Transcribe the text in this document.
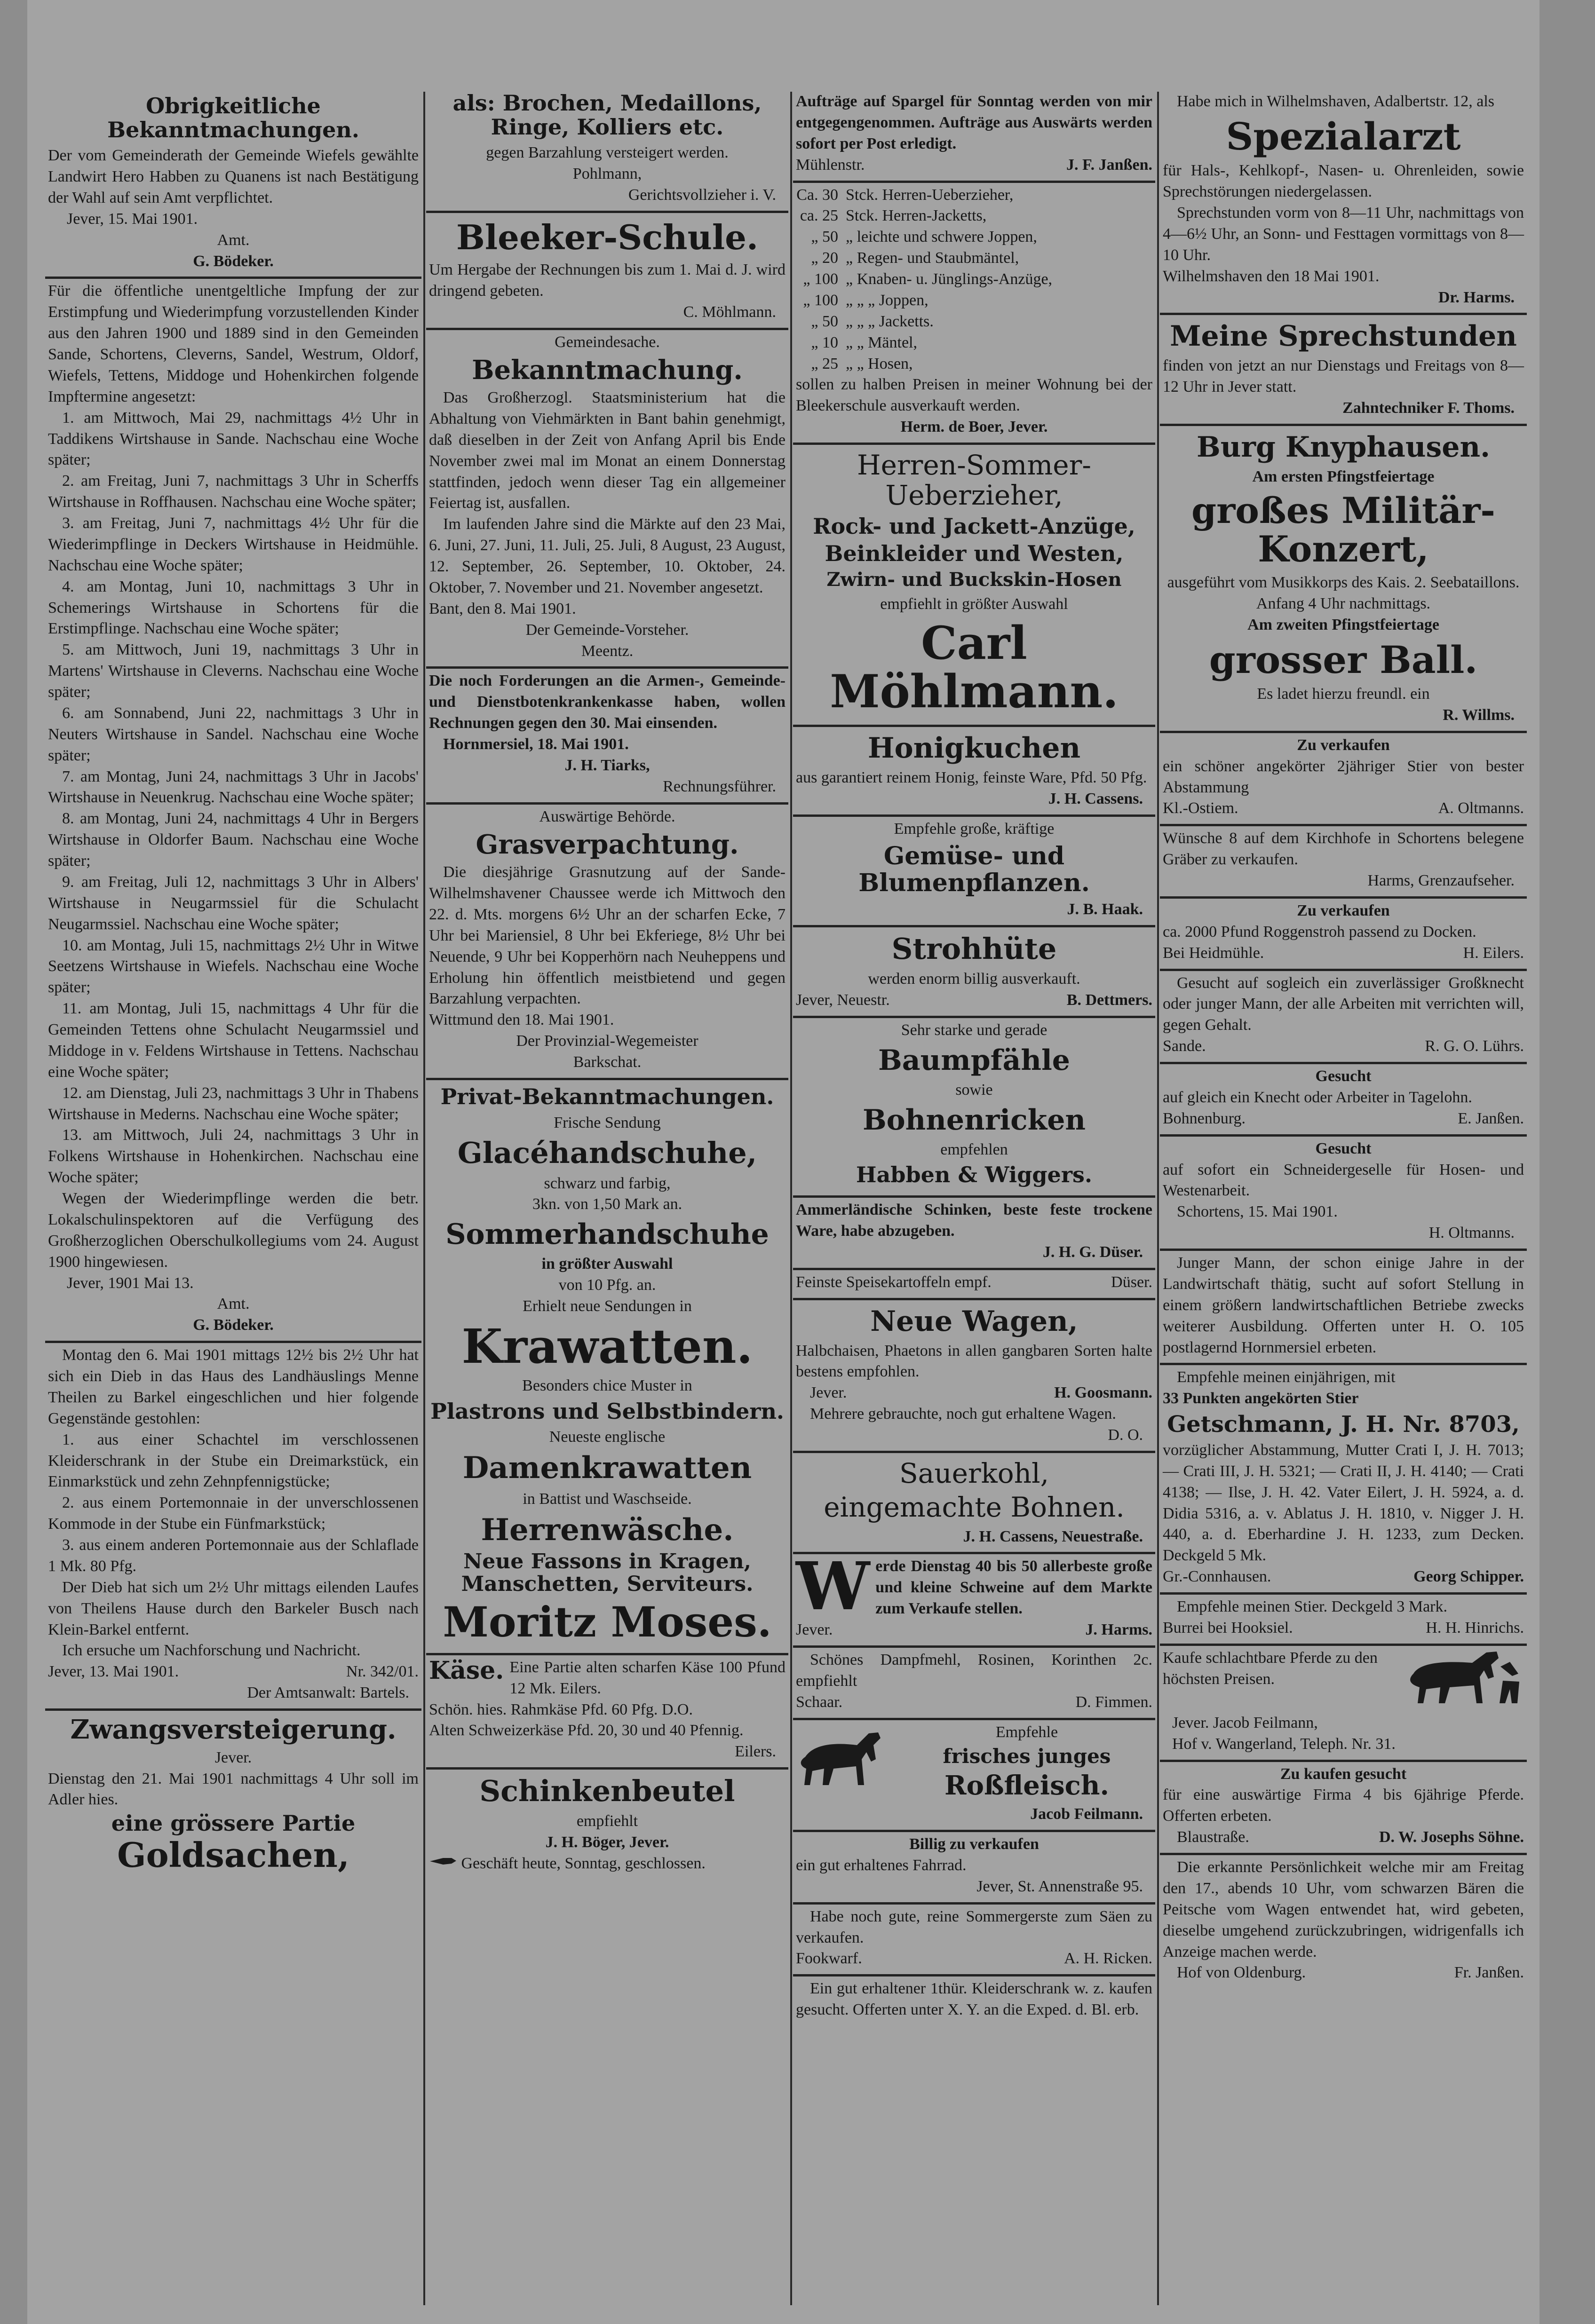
Obrigkeitliche Bekanntmachungen.

Der vom Gemeinderath der Gemeinde Wiefels gewählte Landwirt Hero Habben zu Quanens ist nach Bestätigung der Wahl auf sein Amt verpflichtet.

Jever, 15. Mai 1901.

Amt.

G. Bödeker.

Für die öffentliche unentgeltliche Impfung der zur Erstimpfung und Wiederimpfung vorzustellenden Kinder aus den Jahren 1900 und 1889 sind in den Gemeinden Sande, Schortens, Cleverns, Sandel, Westrum, Oldorf, Wiefels, Tettens, Middoge und Hohenkirchen folgende Impftermine angesetzt:

1. am Mittwoch, Mai 29, nachmittags 4½ Uhr in Taddikens Wirtshause in Sande. Nachschau eine Woche später;

2. am Freitag, Juni 7, nachmittags 3 Uhr in Scherffs Wirtshause in Roffhausen. Nachschau eine Woche später;

3. am Freitag, Juni 7, nachmittags 4½ Uhr für die Wiederimpflinge in Deckers Wirtshause in Heidmühle. Nachschau eine Woche später;

4. am Montag, Juni 10, nachmittags 3 Uhr in Schemerings Wirtshause in Schortens für die Erstimpflinge. Nachschau eine Woche später;

5. am Mittwoch, Juni 19, nachmittags 3 Uhr in Martens' Wirtshause in Cleverns. Nachschau eine Woche später;

6. am Sonnabend, Juni 22, nachmittags 3 Uhr in Neuters Wirtshause in Sandel. Nachschau eine Woche später;

7. am Montag, Juni 24, nachmittags 3 Uhr in Jacobs' Wirtshause in Neuenkrug. Nachschau eine Woche später;

8. am Montag, Juni 24, nachmittags 4 Uhr in Bergers Wirtshause in Oldorfer Baum. Nachschau eine Woche später;

9. am Freitag, Juli 12, nachmittags 3 Uhr in Albers' Wirtshause in Neugarmssiel für die Schulacht Neugarmssiel. Nachschau eine Woche später;

10. am Montag, Juli 15, nachmittags 2½ Uhr in Witwe Seetzens Wirtshause in Wiefels. Nachschau eine Woche später;

11. am Montag, Juli 15, nachmittags 4 Uhr für die Gemeinden Tettens ohne Schulacht Neugarmssiel und Middoge in v. Feldens Wirtshause in Tettens. Nachschau eine Woche später;

12. am Dienstag, Juli 23, nachmittags 3 Uhr in Thabens Wirtshause in Mederns. Nachschau eine Woche später;

13. am Mittwoch, Juli 24, nachmittags 3 Uhr in Folkens Wirtshause in Hohenkirchen. Nachschau eine Woche später;

Wegen der Wiederimpflinge werden die betr. Lokalschulinspektoren auf die Verfügung des Großherzoglichen Oberschulkollegiums vom 24. August 1900 hingewiesen.

Jever, 1901 Mai 13.

Amt.

G. Bödeker.

Montag den 6. Mai 1901 mittags 12½ bis 2½ Uhr hat sich ein Dieb in das Haus des Landhäuslings Menne Theilen zu Barkel eingeschlichen und hier folgende Gegenstände gestohlen:

1. aus einer Schachtel im verschlossenen Kleiderschrank in der Stube ein Dreimarkstück, ein Einmarkstück und zehn Zehnpfennigstücke;

2. aus einem Portemonnaie in der unverschlossenen Kommode in der Stube ein Fünfmarkstück;

3. aus einem anderen Portemonnaie aus der Schlaflade 1 Mk. 80 Pfg.

Der Dieb hat sich um 2½ Uhr mittags eilenden Laufes von Theilens Hause durch den Barkeler Busch nach Klein-Barkel entfernt.

Ich ersuche um Nachforschung und Nachricht.

Jever, 13. Mai 1901.	Nr. 342/01.

Der Amtsanwalt: Bartels.

Zwangsversteigerung.

Jever.

Dienstag den 21. Mai 1901 nachmittags 4 Uhr soll im Adler hies.

eine grössere Partie
Goldsachen,
als: Brochen, Medaillons, Ringe, Kolliers etc.

gegen Barzahlung versteigert werden.

Pohlmann,

Gerichtsvollzieher i. V.

Bleeker-Schule.

Um Hergabe der Rechnungen bis zum 1. Mai d. J. wird dringend gebeten.

C. Möhlmann.

Gemeindesache.

Bekanntmachung.

Das Großherzogl. Staatsministerium hat die Abhaltung von Viehmärkten in Bant bahin genehmigt, daß dieselben in der Zeit von Anfang April bis Ende November zwei mal im Monat an einem Donnerstag stattfinden, jedoch wenn dieser Tag ein allgemeiner Feiertag ist, ausfallen.

Im laufenden Jahre sind die Märkte auf den 23 Mai, 6. Juni, 27. Juni, 11. Juli, 25. Juli, 8 August, 23 August, 12. September, 26. September, 10. Oktober, 24. Oktober, 7. November und 21. November angesetzt.

Bant, den 8. Mai 1901.

Der Gemeinde-Vorsteher.

Meentz.

Die noch Forderungen an die Armen-, Gemeinde- und Dienstbotenkrankenkasse haben, wollen Rechnungen gegen den 30. Mai einsenden.

Hornmersiel, 18. Mai 1901.

J. H. Tiarks,

Rechnungsführer.

Auswärtige Behörde.

Grasverpachtung.

Die diesjährige Grasnutzung auf der Sande-Wilhelmshavener Chaussee werde ich Mittwoch den 22. d. Mts. morgens 6½ Uhr an der scharfen Ecke, 7 Uhr bei Mariensiel, 8 Uhr bei Ekferiege, 8½ Uhr bei Neuende, 9 Uhr bei Kopperhörn nach Neuheppens und Erholung hin öffentlich meistbietend und gegen Barzahlung verpachten.

Wittmund den 18. Mai 1901.

Der Provinzial-Wegemeister

Barkschat.

Privat-Bekanntmachungen.

Frische Sendung

Glacéhandschuhe,

schwarz und farbig,

3kn. von 1,50 Mark an.

Sommerhandschuhe

in größter Auswahl

von 10 Pfg. an.

Erhielt neue Sendungen in

Krawatten.

Besonders chice Muster in

Plastrons und Selbstbindern.

Neueste englische

Damenkrawatten

in Battist und Waschseide.

Herrenwäsche.
Neue Fassons in Kragen, Manschetten, Serviteurs.
Moritz Moses.
Käse. Eine Partie alten scharfen Käse 100 Pfund 12 Mk. Eilers.

Schön. hies. Rahmkäse Pfd. 60 Pfg. D.O.

Alten Schweizerkäse Pfd. 20, 30 und 40 Pfennig.

Eilers.

Schinkenbeutel

empfiehlt

J. H. Böger, Jever.

Geschäft heute, Sonntag, geschlossen.

Aufträge auf Spargel für Sonntag werden von mir entgegengenommen. Aufträge aus Auswärts werden sofort per Post erledigt.

Mühlenstr.	J. F. Janßen.
Ca. 30 Stck. Herren-Ueberzieher,
ca. 25 Stck. Herren-Jacketts,
„ 50 „ leichte und schwere Joppen,
„ 20 „ Regen- und Staubmäntel,
„ 100 „ Knaben- u. Jünglings-Anzüge,
„ 100 „ „ „ Joppen,
„ 50 „ „ „ Jacketts.
„ 10 „ „ Mäntel,
„ 25 „ „ Hosen,

sollen zu halben Preisen in meiner Wohnung bei der Bleekerschule ausverkauft werden.

Herm. de Boer, Jever.

Herren-Sommer-Ueberzieher,
Rock- und Jackett-Anzüge,
Beinkleider und Westen,
Zwirn- und Buckskin-Hosen

empfiehlt in größter Auswahl

Carl Möhlmann.
Honigkuchen

aus garantiert reinem Honig, feinste Ware, Pfd. 50 Pfg.

J. H. Cassens.

Empfehle große, kräftige

Gemüse- und Blumenpflanzen.

J. B. Haak.

Strohhüte

werden enorm billig ausverkauft.

Jever, Neuestr.	B. Dettmers.

Sehr starke und gerade

Baumpfähle

sowie

Bohnenricken

empfehlen

Habben & Wiggers.

Ammerländische Schinken, beste feste trockene Ware, habe abzugeben.

J. H. G. Düser.

Feinste Speisekartoffeln empf.	Düser.
Neue Wagen,

Halbchaisen, Phaetons in allen gangbaren Sorten halte bestens empfohlen.

Jever.	H. Goosmann.

Mehrere gebrauchte, noch gut erhaltene Wagen.

D. O.

Sauerkohl,
eingemachte Bohnen.

J. H. Cassens, Neuestraße.

W erde Dienstag 40 bis 50 allerbeste große und kleine Schweine auf dem Markte zum Verkaufe stellen.

Jever.	J. Harms.

Schönes Dampfmehl, Rosinen, Korinthen 2c. empfiehlt

Schaar.	D. Fimmen.

Empfehle

frisches junges
Roßfleisch.

Jacob Feilmann.

Billig zu verkaufen

ein gut erhaltenes Fahrrad.

Jever, St. Annenstraße 95.

Habe noch gute, reine Sommergerste zum Säen zu verkaufen.

Fookwarf.	A. H. Ricken.

Ein gut erhaltener 1thür. Kleiderschrank w. z. kaufen gesucht. Offerten unter X. Y. an die Exped. d. Bl. erb.

Habe mich in Wilhelmshaven, Adalbertstr. 12, als

Spezialarzt

für Hals-, Kehlkopf-, Nasen- u. Ohrenleiden, sowie Sprechstörungen niedergelassen.

Sprechstunden vorm von 8—11 Uhr, nachmittags von 4—6½ Uhr, an Sonn- und Festtagen vormittags von 8—10 Uhr.

Wilhelmshaven den 18 Mai 1901.

Dr. Harms.

Meine Sprechstunden

finden von jetzt an nur Dienstags und Freitags von 8—12 Uhr in Jever statt.

Zahntechniker F. Thoms.

Burg Knyphausen.

Am ersten Pfingstfeiertage

großes Militär-Konzert,

ausgeführt vom Musikkorps des Kais. 2. Seebataillons.

Anfang 4 Uhr nachmittags.

Am zweiten Pfingstfeiertage

grosser Ball.

Es ladet hierzu freundl. ein

R. Willms.

Zu verkaufen

ein schöner angekörter 2jähriger Stier von bester Abstammung

Kl.-Ostiem.	A. Oltmanns.

Wünsche 8 auf dem Kirchhofe in Schortens belegene Gräber zu verkaufen.

Harms, Grenzaufseher.

Zu verkaufen

ca. 2000 Pfund Roggenstroh passend zu Docken.

Bei Heidmühle.	H. Eilers.

Gesucht auf sogleich ein zuverlässiger Großknecht oder junger Mann, der alle Arbeiten mit verrichten will, gegen Gehalt.

Sande.	R. G. O. Lührs.

Gesucht

auf gleich ein Knecht oder Arbeiter in Tagelohn.

Bohnenburg.	E. Janßen.

Gesucht

auf sofort ein Schneidergeselle für Hosen- und Westenarbeit.

Schortens, 15. Mai 1901.

H. Oltmanns.

Junger Mann, der schon einige Jahre in der Landwirtschaft thätig, sucht auf sofort Stellung in einem größern landwirtschaftlichen Betriebe zwecks weiterer Ausbildung. Offerten unter H. O. 105 postlagernd Hornmersiel erbeten.

Empfehle meinen einjährigen, mit

33 Punkten angekörten Stier

Getschmann, J. H. Nr. 8703,

vorzüglicher Abstammung, Mutter Crati I, J. H. 7013; — Crati III, J. H. 5321; — Crati II, J. H. 4140; — Crati 4138; — Ilse, J. H. 42. Vater Eilert, J. H. 5924, a. d. Didia 5316, a. v. Ablatus J. H. 1810, v. Nigger J. H. 440, a. d. Eberhardine J. H. 1233, zum Decken. Deckgeld 5 Mk.

Gr.-Connhausen.	Georg Schipper.

Empfehle meinen Stier. Deckgeld 3 Mark.

Burrei bei Hooksiel.	H. H. Hinrichs.

Kaufe schlachtbare Pferde zu den höchsten Preisen.

Jever. Jacob Feilmann,

Hof v. Wangerland, Teleph. Nr. 31.

Zu kaufen gesucht

für eine auswärtige Firma 4 bis 6jährige Pferde. Offerten erbeten.

Blaustraße.	D. W. Josephs Söhne.

Die erkannte Persönlichkeit welche mir am Freitag den 17., abends 10 Uhr, vom schwarzen Bären die Peitsche vom Wagen entwendet hat, wird gebeten, dieselbe umgehend zurückzubringen, widrigenfalls ich Anzeige machen werde.

Hof von Oldenburg.	Fr. Janßen.
